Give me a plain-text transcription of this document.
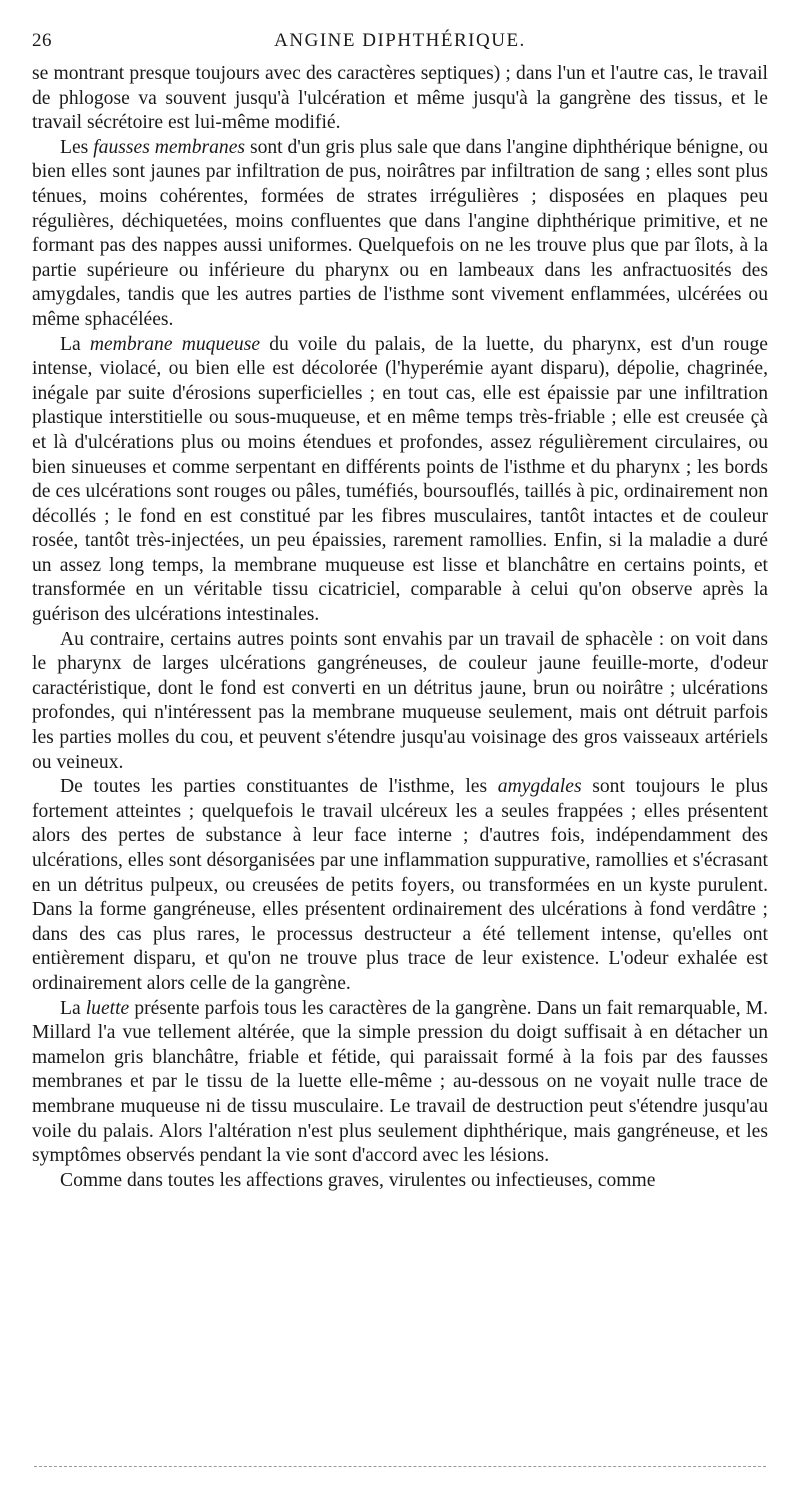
26	ANGINE DIPHTHÉRIQUE.

se montrant presque toujours avec des caractères septiques) ; dans l'un et l'autre cas, le travail de phlogose va souvent jusqu'à l'ulcération et même jusqu'à la gangrène des tissus, et le travail sécrétoire est lui-même modifié.

Les fausses membranes sont d'un gris plus sale que dans l'angine diphthérique bénigne, ou bien elles sont jaunes par infiltration de pus, noirâtres par infiltration de sang ; elles sont plus ténues, moins cohérentes, formées de strates irrégulières ; disposées en plaques peu régulières, déchiquetées, moins confluentes que dans l'angine diphthérique primitive, et ne formant pas des nappes aussi uniformes. Quelquefois on ne les trouve plus que par îlots, à la partie supérieure ou inférieure du pharynx ou en lambeaux dans les anfractuosités des amygdales, tandis que les autres parties de l'isthme sont vivement enflammées, ulcérées ou même sphacélées.

La membrane muqueuse du voile du palais, de la luette, du pharynx, est d'un rouge intense, violacé, ou bien elle est décolorée (l'hyperémie ayant disparu), dépolie, chagrinée, inégale par suite d'érosions superficielles ; en tout cas, elle est épaissie par une infiltration plastique interstitielle ou sous-muqueuse, et en même temps très-friable ; elle est creusée çà et là d'ulcérations plus ou moins étendues et profondes, assez régulièrement circulaires, ou bien sinueuses et comme serpentant en différents points de l'isthme et du pharynx ; les bords de ces ulcérations sont rouges ou pâles, tuméfiés, boursouflés, taillés à pic, ordinairement non décollés ; le fond en est constitué par les fibres musculaires, tantôt intactes et de couleur rosée, tantôt très-injectées, un peu épaissies, rarement ramollies. Enfin, si la maladie a duré un assez long temps, la membrane muqueuse est lisse et blanchâtre en certains points, et transformée en un véritable tissu cicatriciel, comparable à celui qu'on observe après la guérison des ulcérations intestinales.

Au contraire, certains autres points sont envahis par un travail de sphacèle : on voit dans le pharynx de larges ulcérations gangréneuses, de couleur jaune feuille-morte, d'odeur caractéristique, dont le fond est converti en un détritus jaune, brun ou noirâtre ; ulcérations profondes, qui n'intéressent pas la membrane muqueuse seulement, mais ont détruit parfois les parties molles du cou, et peuvent s'étendre jusqu'au voisinage des gros vaisseaux artériels ou veineux.

De toutes les parties constituantes de l'isthme, les amygdales sont toujours le plus fortement atteintes ; quelquefois le travail ulcéreux les a seules frappées ; elles présentent alors des pertes de substance à leur face interne ; d'autres fois, indépendamment des ulcérations, elles sont désorganisées par une inflammation suppurative, ramollies et s'écrasant en un détritus pulpeux, ou creusées de petits foyers, ou transformées en un kyste purulent. Dans la forme gangréneuse, elles présentent ordinairement des ulcérations à fond verdâtre ; dans des cas plus rares, le processus destructeur a été tellement intense, qu'elles ont entièrement disparu, et qu'on ne trouve plus trace de leur existence. L'odeur exhalée est ordinairement alors celle de la gangrène.

La luette présente parfois tous les caractères de la gangrène. Dans un fait remarquable, M. Millard l'a vue tellement altérée, que la simple pression du doigt suffisait à en détacher un mamelon gris blanchâtre, friable et fétide, qui paraissait formé à la fois par des fausses membranes et par le tissu de la luette elle-même ; au-dessous on ne voyait nulle trace de membrane muqueuse ni de tissu musculaire. Le travail de destruction peut s'étendre jusqu'au voile du palais. Alors l'altération n'est plus seulement diphthérique, mais gangréneuse, et les symptômes observés pendant la vie sont d'accord avec les lésions.

Comme dans toutes les affections graves, virulentes ou infectieuses, comme
